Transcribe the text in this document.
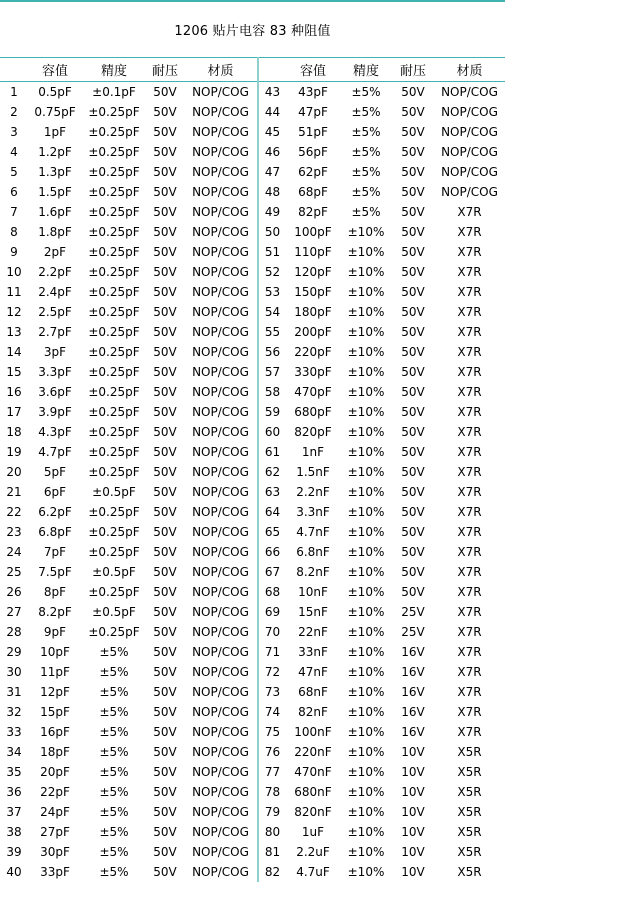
1206 贴片电容 83 种阻值
	容值	精度	耐压	材质		容值	精度	耐压	材质
1	0.5pF	±0.1pF	50V	NOP/COG	43	43pF	±5%	50V	NOP/COG
2	0.75pF	±0.25pF	50V	NOP/COG	44	47pF	±5%	50V	NOP/COG
3	1pF	±0.25pF	50V	NOP/COG	45	51pF	±5%	50V	NOP/COG
4	1.2pF	±0.25pF	50V	NOP/COG	46	56pF	±5%	50V	NOP/COG
5	1.3pF	±0.25pF	50V	NOP/COG	47	62pF	±5%	50V	NOP/COG
6	1.5pF	±0.25pF	50V	NOP/COG	48	68pF	±5%	50V	NOP/COG
7	1.6pF	±0.25pF	50V	NOP/COG	49	82pF	±5%	50V	X7R
8	1.8pF	±0.25pF	50V	NOP/COG	50	100pF	±10%	50V	X7R
9	2pF	±0.25pF	50V	NOP/COG	51	110pF	±10%	50V	X7R
10	2.2pF	±0.25pF	50V	NOP/COG	52	120pF	±10%	50V	X7R
11	2.4pF	±0.25pF	50V	NOP/COG	53	150pF	±10%	50V	X7R
12	2.5pF	±0.25pF	50V	NOP/COG	54	180pF	±10%	50V	X7R
13	2.7pF	±0.25pF	50V	NOP/COG	55	200pF	±10%	50V	X7R
14	3pF	±0.25pF	50V	NOP/COG	56	220pF	±10%	50V	X7R
15	3.3pF	±0.25pF	50V	NOP/COG	57	330pF	±10%	50V	X7R
16	3.6pF	±0.25pF	50V	NOP/COG	58	470pF	±10%	50V	X7R
17	3.9pF	±0.25pF	50V	NOP/COG	59	680pF	±10%	50V	X7R
18	4.3pF	±0.25pF	50V	NOP/COG	60	820pF	±10%	50V	X7R
19	4.7pF	±0.25pF	50V	NOP/COG	61	1nF	±10%	50V	X7R
20	5pF	±0.25pF	50V	NOP/COG	62	1.5nF	±10%	50V	X7R
21	6pF	±0.5pF	50V	NOP/COG	63	2.2nF	±10%	50V	X7R
22	6.2pF	±0.25pF	50V	NOP/COG	64	3.3nF	±10%	50V	X7R
23	6.8pF	±0.25pF	50V	NOP/COG	65	4.7nF	±10%	50V	X7R
24	7pF	±0.25pF	50V	NOP/COG	66	6.8nF	±10%	50V	X7R
25	7.5pF	±0.5pF	50V	NOP/COG	67	8.2nF	±10%	50V	X7R
26	8pF	±0.25pF	50V	NOP/COG	68	10nF	±10%	50V	X7R
27	8.2pF	±0.5pF	50V	NOP/COG	69	15nF	±10%	25V	X7R
28	9pF	±0.25pF	50V	NOP/COG	70	22nF	±10%	25V	X7R
29	10pF	±5%	50V	NOP/COG	71	33nF	±10%	16V	X7R
30	11pF	±5%	50V	NOP/COG	72	47nF	±10%	16V	X7R
31	12pF	±5%	50V	NOP/COG	73	68nF	±10%	16V	X7R
32	15pF	±5%	50V	NOP/COG	74	82nF	±10%	16V	X7R
33	16pF	±5%	50V	NOP/COG	75	100nF	±10%	16V	X7R
34	18pF	±5%	50V	NOP/COG	76	220nF	±10%	10V	X5R
35	20pF	±5%	50V	NOP/COG	77	470nF	±10%	10V	X5R
36	22pF	±5%	50V	NOP/COG	78	680nF	±10%	10V	X5R
37	24pF	±5%	50V	NOP/COG	79	820nF	±10%	10V	X5R
38	27pF	±5%	50V	NOP/COG	80	1uF	±10%	10V	X5R
39	30pF	±5%	50V	NOP/COG	81	2.2uF	±10%	10V	X5R
40	33pF	±5%	50V	NOP/COG	82	4.7uF	±10%	10V	X5R
